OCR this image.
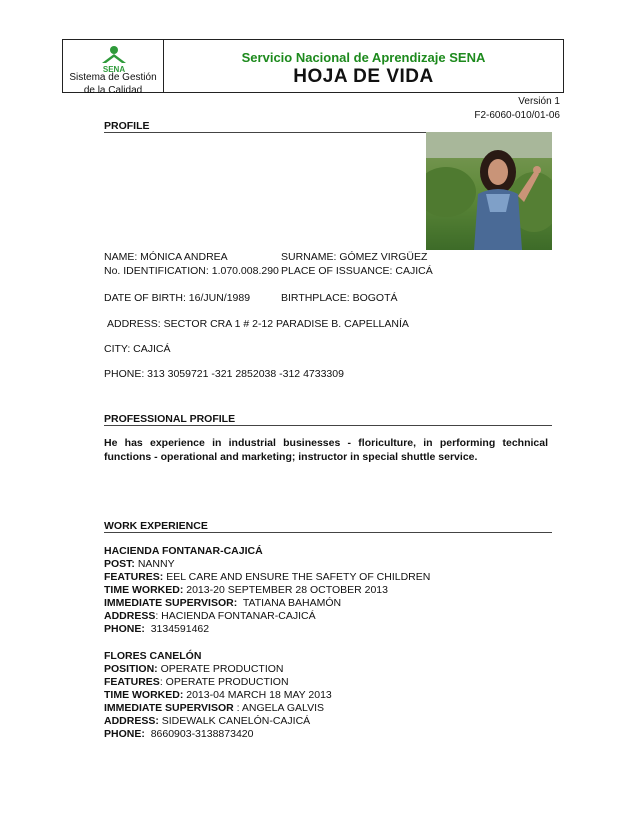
SENA
Sistema de Gestión de la Calidad
Servicio Nacional de Aprendizaje SENA
HOJA DE VIDA
Versión 1
F2-6060-010/01-06
PROFILE
NAME: MÓNICA ANDREA	SURNAME: GÓMEZ VIRGÜEZ
No. IDENTIFICATION: 1.070.008.290 PLACE OF ISSUANCE: CAJICÁ
DATE OF BIRTH: 16/JUN/1989	BIRTHPLACE: BOGOTÁ
ADDRESS: SECTOR CRA 1 # 2-12 PARADISE B. CAPELLANÍA
CITY: CAJICÁ
PHONE: 313 3059721 -321 2852038 -312 4733309
PROFESSIONAL PROFILE
He has experience in industrial businesses - floriculture, in performing technical
functions - operational and marketing; instructor in special shuttle service.
WORK EXPERIENCE
HACIENDA FONTANAR-CAJICÁ
POST: NANNY
FEATURES: EEL CARE AND ENSURE THE SAFETY OF CHILDREN
TIME WORKED: 2013-20 SEPTEMBER 28 OCTOBER 2013
IMMEDIATE SUPERVISOR: TATIANA BAHAMÓN
ADDRESS: HACIENDA FONTANAR-CAJICÁ
PHONE: 3134591462
FLORES CANELÓN
POSITION: OPERATE PRODUCTION
FEATURES: OPERATE PRODUCTION
TIME WORKED: 2013-04 MARCH 18 MAY 2013
IMMEDIATE SUPERVISOR : ANGELA GALVIS
ADDRESS: SIDEWALK CANELÓN-CAJICÁ
PHONE: 8660903-3138873420
